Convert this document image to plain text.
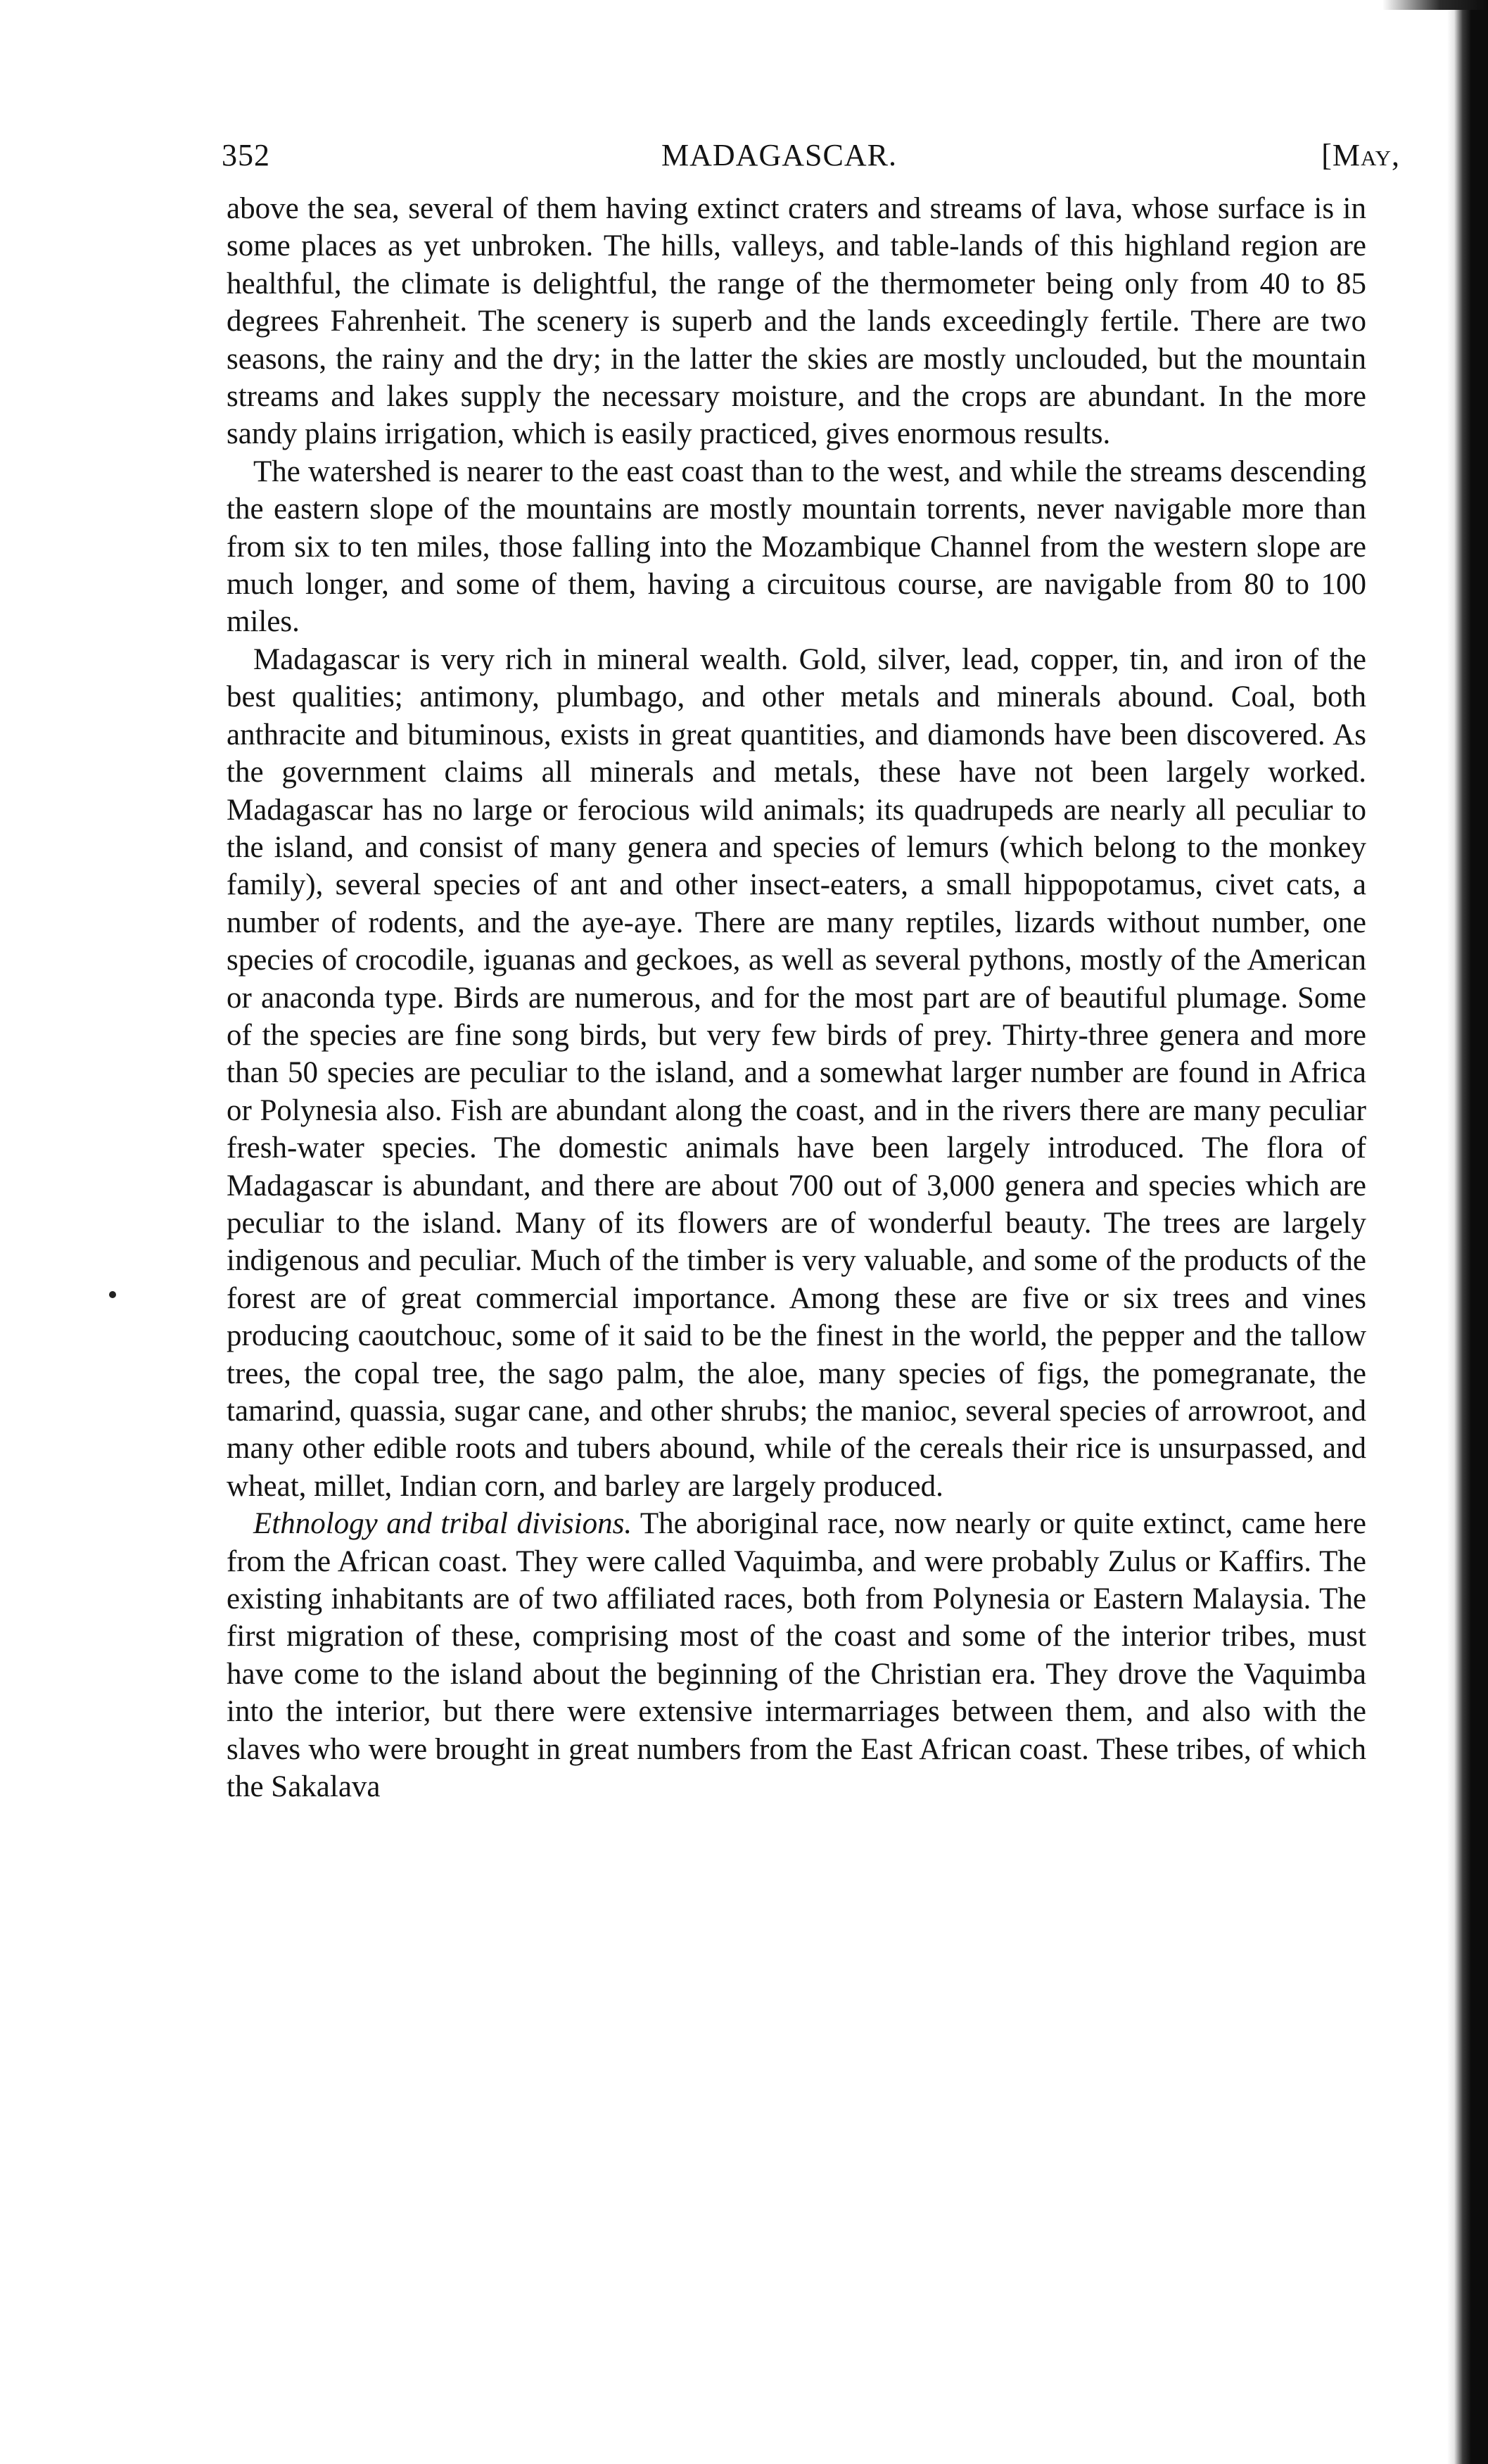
352	MADAGASCAR.	[May,

above the sea, several of them having extinct craters and streams of lava, whose surface is in some places as yet unbroken. The hills, valleys, and table-lands of this highland region are healthful, the climate is delightful, the range of the thermometer being only from 40 to 85 degrees Fahrenheit. The scenery is superb and the lands exceedingly fertile. There are two seasons, the rainy and the dry; in the latter the skies are mostly unclouded, but the mountain streams and lakes supply the necessary moisture, and the crops are abundant. In the more sandy plains irrigation, which is easily practiced, gives enormous results.

The watershed is nearer to the east coast than to the west, and while the streams descending the eastern slope of the mountains are mostly mountain torrents, never navigable more than from six to ten miles, those falling into the Mozambique Channel from the western slope are much longer, and some of them, having a circuitous course, are navigable from 80 to 100 miles.

Madagascar is very rich in mineral wealth. Gold, silver, lead, copper, tin, and iron of the best qualities; antimony, plumbago, and other metals and minerals abound. Coal, both anthracite and bituminous, exists in great quantities, and diamonds have been discovered. As the government claims all minerals and metals, these have not been largely worked. Madagascar has no large or ferocious wild animals; its quadrupeds are nearly all peculiar to the island, and consist of many genera and species of lemurs (which belong to the monkey family), several species of ant and other insect-eaters, a small hippopotamus, civet cats, a number of rodents, and the aye-aye. There are many reptiles, lizards without number, one species of crocodile, iguanas and geckoes, as well as several pythons, mostly of the American or anaconda type. Birds are numerous, and for the most part are of beautiful plumage. Some of the species are fine song birds, but very few birds of prey. Thirty-three genera and more than 50 species are peculiar to the island, and a somewhat larger number are found in Africa or Polynesia also. Fish are abundant along the coast, and in the rivers there are many peculiar fresh-water species. The domestic animals have been largely introduced. The flora of Madagascar is abundant, and there are about 700 out of 3,000 genera and species which are peculiar to the island. Many of its flowers are of wonderful beauty. The trees are largely indigenous and peculiar. Much of the timber is very valuable, and some of the products of the forest are of great commercial importance. Among these are five or six trees and vines producing caoutchouc, some of it said to be the finest in the world, the pepper and the tallow trees, the copal tree, the sago palm, the aloe, many species of figs, the pomegranate, the tamarind, quassia, sugar cane, and other shrubs; the manioc, several species of arrowroot, and many other edible roots and tubers abound, while of the cereals their rice is unsurpassed, and wheat, millet, Indian corn, and barley are largely produced.

Ethnology and tribal divisions. The aboriginal race, now nearly or quite extinct, came here from the African coast. They were called Vaquimba, and were probably Zulus or Kaffirs. The existing inhabitants are of two affiliated races, both from Polynesia or Eastern Malaysia. The first migration of these, comprising most of the coast and some of the interior tribes, must have come to the island about the beginning of the Christian era. They drove the Vaquimba into the interior, but there were extensive intermarriages between them, and also with the slaves who were brought in great numbers from the East African coast. These tribes, of which the Sakalava
